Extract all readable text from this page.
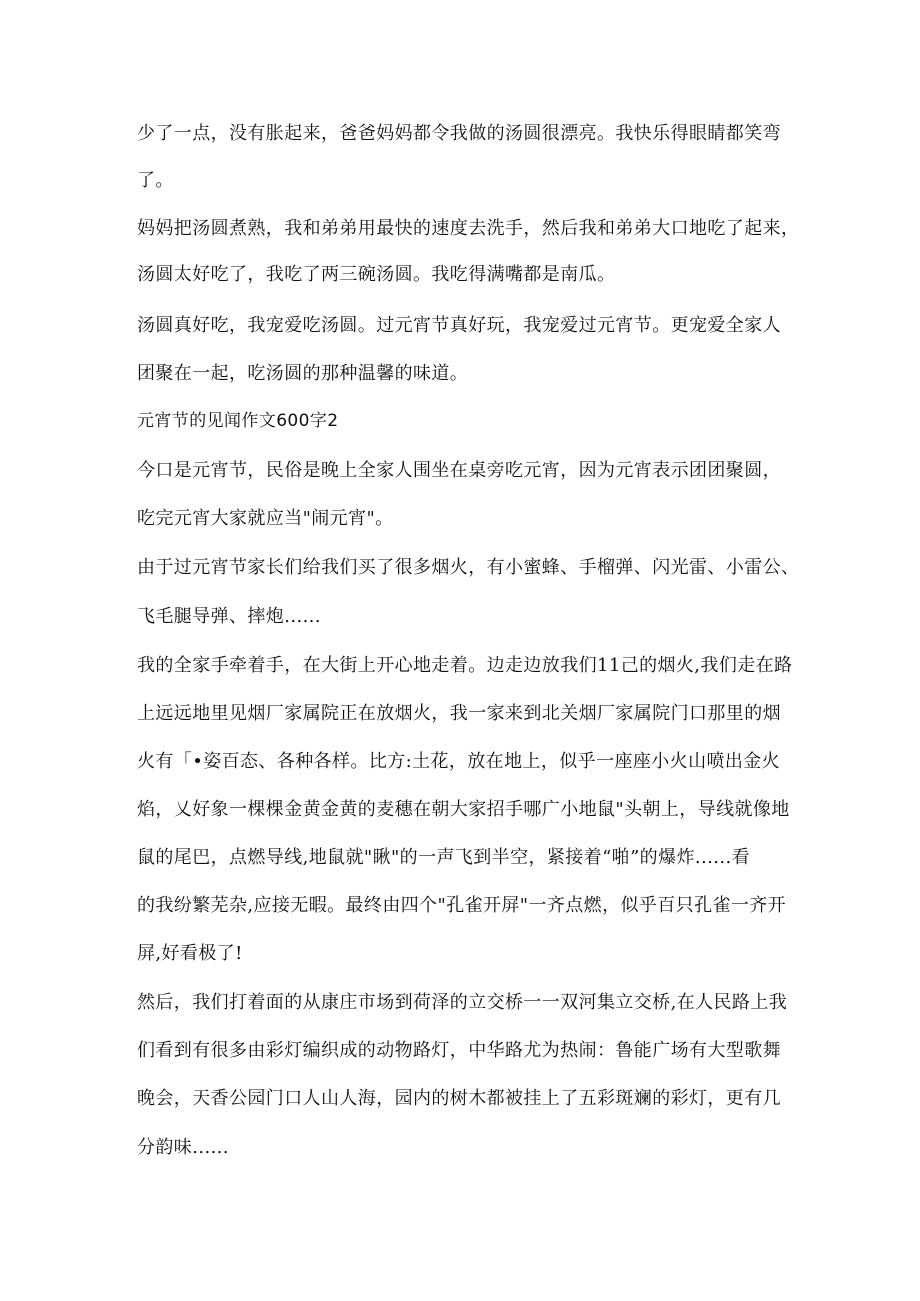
少了一点，没有胀起来，爸爸妈妈都令我做的汤圆很漂亮。我快乐得眼睛都笑弯
了。
妈妈把汤圆煮熟，我和弟弟用最快的速度去洗手，然后我和弟弟大口地吃了起来，
汤圆太好吃了，我吃了两三碗汤圆。我吃得满嘴都是南瓜。
汤圆真好吃，我宠爱吃汤圆。过元宵节真好玩，我宠爱过元宵节。更宠爱全家人
团聚在一起，吃汤圆的那种温馨的味道。
元宵节的见闻作文600字2
今口是元宵节，民俗是晚上全家人围坐在桌旁吃元宵，因为元宵表示团团聚圆，
吃完元宵大家就应当"闹元宵"。
由于过元宵节家长们给我们买了很多烟火，有小蜜蜂、手榴弹、闪光雷、小雷公、
飞毛腿导弹、摔炮......
我的全家手牵着手，在大街上开心地走着。边走边放我们11己的烟火,我们走在路
上远远地里见烟厂家属院正在放烟火，我一家来到北关烟厂家属院门口那里的烟
火有「•姿百态、各种各样。比方:土花，放在地上，似乎一座座小火山喷出金火
焰，乂好象一棵棵金黄金黄的麦穗在朝大家招手哪广小地鼠"头朝上，导线就像地
鼠的尾巴，点燃导线,地鼠就"瞅"的一声飞到半空，紧接着“啪”的爆炸......看
的我纷繁芜杂,应接无暇。最终由四个"孔雀开屏"一齐点燃，似乎百只孔雀一齐开
屏,好看极了!
然后，我们打着面的从康庄市场到荷泽的立交桥一一双河集立交桥,在人民路上我
们看到有很多由彩灯编织成的动物路灯，中华路尤为热闹：鲁能广场有大型歌舞
晚会，天香公园门口人山人海，园内的树木都被挂上了五彩斑斓的彩灯，更有几
分韵味......
